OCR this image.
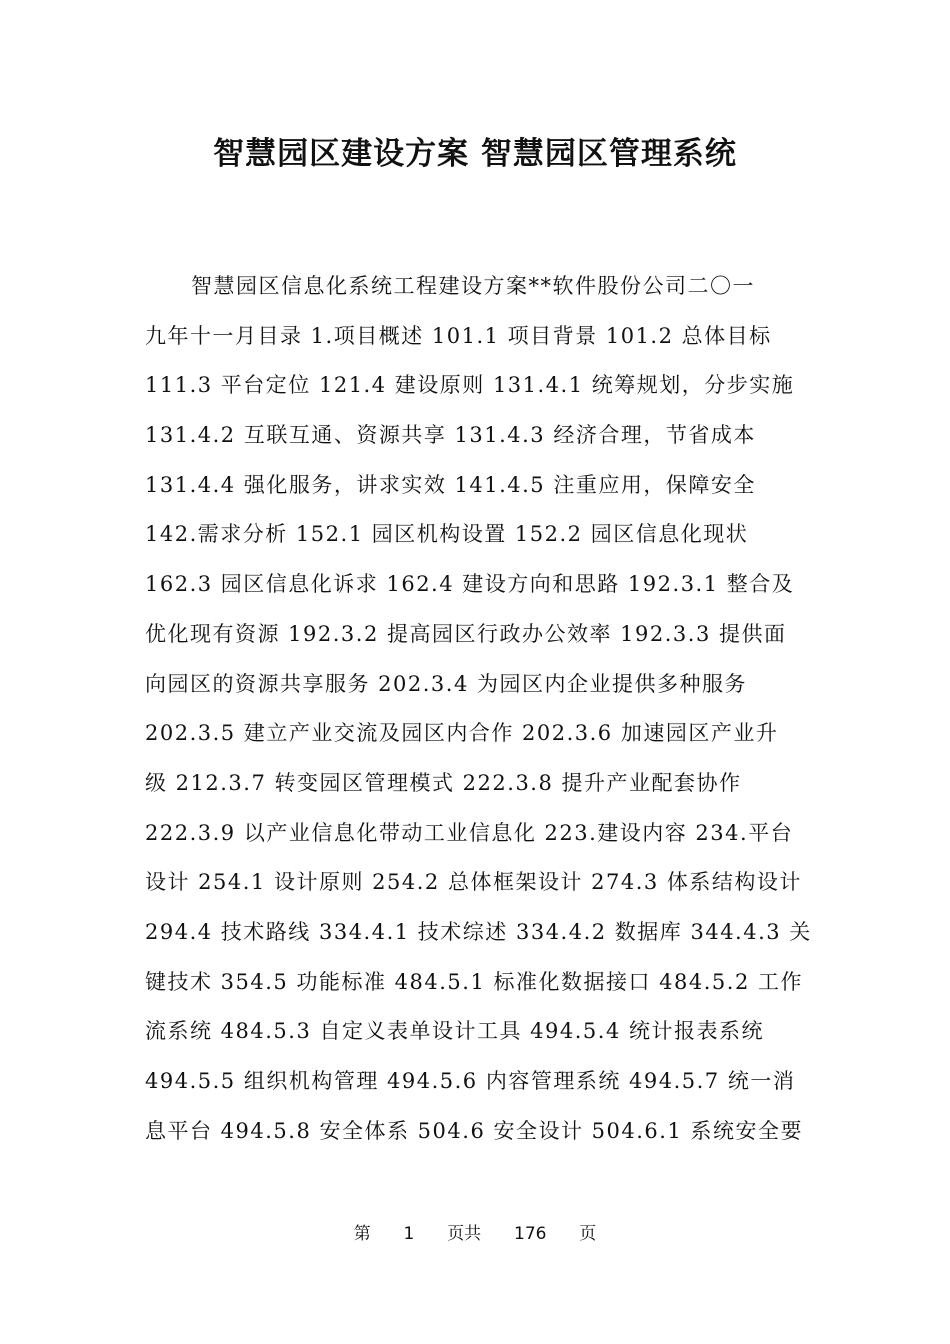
智慧园区建设方案 智慧园区管理系统
智慧园区信息化系统工程建设方案**软件股份公司二〇一
九年十一月目录 1.项目概述 101.1 项目背景 101.2 总体目标
111.3 平台定位 121.4 建设原则 131.4.1 统筹规划，分步实施
131.4.2 互联互通、资源共享 131.4.3 经济合理，节省成本
131.4.4 强化服务，讲求实效 141.4.5 注重应用，保障安全
142.需求分析 152.1 园区机构设置 152.2 园区信息化现状
162.3 园区信息化诉求 162.4 建设方向和思路 192.3.1 整合及
优化现有资源 192.3.2 提高园区行政办公效率 192.3.3 提供面
向园区的资源共享服务 202.3.4 为园区内企业提供多种服务
202.3.5 建立产业交流及园区内合作 202.3.6 加速园区产业升
级 212.3.7 转变园区管理模式 222.3.8 提升产业配套协作
222.3.9 以产业信息化带动工业信息化 223.建设内容 234.平台
设计 254.1 设计原则 254.2 总体框架设计 274.3 体系结构设计
294.4 技术路线 334.4.1 技术综述 334.4.2 数据库 344.4.3 关
键技术 354.5 功能标准 484.5.1 标准化数据接口 484.5.2 工作
流系统 484.5.3 自定义表单设计工具 494.5.4 统计报表系统
494.5.5 组织机构管理 494.5.6 内容管理系统 494.5.7 统一消
息平台 494.5.8 安全体系 504.6 安全设计 504.6.1 系统安全要
第 1 页共 176 页
